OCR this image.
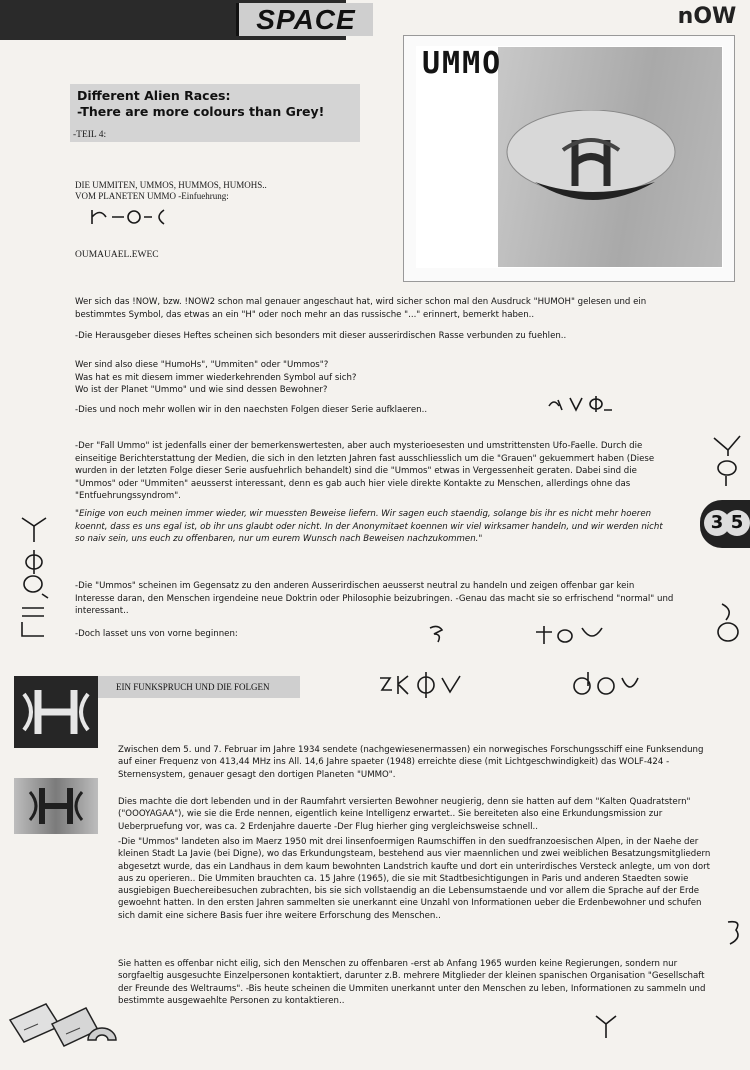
SPACE	nOW
Different Alien Races:
-There are more colours than Grey!
-TEIL 4:
DIE UMMITEN, UMMOS, HUMMOS, HUMOHS..
VOM PLANETEN UMMO -Einfuehrung:
OUMAUAEL.EWEC
UMMO
Wer sich das !NOW, bzw. !NOW2 schon mal genauer angeschaut hat, wird sicher schon mal den Ausdruck "HUMOH" gelesen und ein bestimmtes Symbol, das etwas an ein "H" oder noch mehr an das russische "..." erinnert, bemerkt haben..
-Die Herausgeber dieses Heftes scheinen sich besonders mit dieser ausserirdischen Rasse verbunden zu fuehlen..
Wer sind also diese "HumoHs", "Ummiten" oder "Ummos"?
Was hat es mit diesem immer wiederkehrenden Symbol auf sich?
Wo ist der Planet "Ummo" und wie sind dessen Bewohner?
-Dies und noch mehr wollen wir in den naechsten Folgen dieser Serie aufklaeren..
-Der "Fall Ummo" ist jedenfalls einer der bemerkenswertesten, aber auch mysterioesesten und umstrittensten Ufo-Faelle. Durch die einseitige Berichterstattung der Medien, die sich in den letzten Jahren fast ausschliesslich um die "Grauen" gekuemmert haben (Diese wurden in der letzten Folge dieser Serie ausfuehrlich behandelt) sind die "Ummos" etwas in Vergessenheit geraten. Dabei sind die "Ummos" oder "Ummiten" aeusserst interessant, denn es gab auch hier viele direkte Kontakte zu Menschen, allerdings ohne das "Entfuehrungssyndrom".
"Einige von euch meinen immer wieder, wir muessten Beweise liefern. Wir sagen euch staendig, solange bis ihr es nicht mehr hoeren koennt, dass es uns egal ist, ob ihr uns glaubt oder nicht. In der Anonymitaet koennen wir viel wirksamer handeln, und wir werden nicht so naiv sein, uns euch zu offenbaren, nur um eurem Wunsch nach Beweisen nachzukommen."
3 5
-Die "Ummos" scheinen im Gegensatz zu den anderen Ausserirdischen aeusserst neutral zu handeln und zeigen offenbar gar kein Interesse daran, den Menschen irgendeine neue Doktrin oder Philosophie beizubringen. -Genau das macht sie so erfrischend "normal" und interessant..
-Doch lasset uns von vorne beginnen:
EIN FUNKSPRUCH UND DIE FOLGEN
Zwischen dem 5. und 7. Februar im Jahre 1934 sendete (nachgewiesenermassen) ein norwegisches Forschungsschiff eine Funksendung auf einer Frequenz von 413,44 MHz ins All. 14,6 Jahre spaeter (1948) erreichte diese (mit Lichtgeschwindigkeit) das WOLF-424 -Sternensystem, genauer gesagt den dortigen Planeten "UMMO".
Dies machte die dort lebenden und in der Raumfahrt versierten Bewohner neugierig, denn sie hatten auf dem "Kalten Quadratstern" ("OOOYAGAA"), wie sie die Erde nennen, eigentlich keine Intelligenz erwartet.. Sie bereiteten also eine Erkundungsmission zur Ueberpruefung vor, was ca. 2 Erdenjahre dauerte -Der Flug hierher ging vergleichsweise schnell..
-Die "Ummos" landeten also im Maerz 1950 mit drei linsenfoermigen Raumschiffen in den suedfranzoesischen Alpen, in der Naehe der kleinen Stadt La Javie (bei Digne), wo das Erkundungsteam, bestehend aus vier maennlichen und zwei weiblichen Besatzungsmitgliedern abgesetzt wurde, das ein Landhaus in dem kaum bewohnten Landstrich kaufte und dort ein unterirdisches Versteck anlegte, um von dort aus zu operieren.. Die Ummiten brauchten ca. 15 Jahre (1965), die sie mit Stadtbesichtigungen in Paris und anderen Staedten sowie ausgiebigen Buechereibesuchen zubrachten, bis sie sich vollstaendig an die Lebensumstaende und vor allem die Sprache auf der Erde gewoehnt hatten. In den ersten Jahren sammelten sie unerkannt eine Unzahl von Informationen ueber die Erdenbewohner und schufen sich damit eine sichere Basis fuer ihre weitere Erforschung des Menschen..
Sie hatten es offenbar nicht eilig, sich den Menschen zu offenbaren -erst ab Anfang 1965 wurden keine Regierungen, sondern nur sorgfaeltig ausgesuchte Einzelpersonen kontaktiert, darunter z.B. mehrere Mitglieder der kleinen spanischen Organisation "Gesellschaft der Freunde des Weltraums". -Bis heute scheinen die Ummiten unerkannt unter den Menschen zu leben, Informationen zu sammeln und bestimmte ausgewaehlte Personen zu kontaktieren..
